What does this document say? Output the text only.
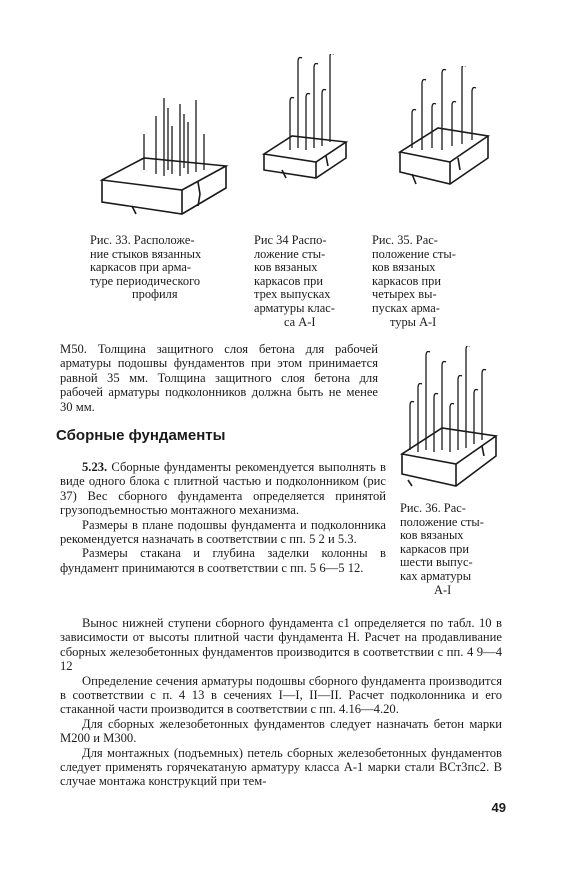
Рис. 33. Расположе-
ние стыков вязанных
каркасов при арма-
туре периодического
профиля
Рис 34 Распо-
ложение сты-
ков вязаных
каркасов при
трех выпусках
арматуры клас-
са A-I
Рис. 35. Рас-
положение сты-
ков вязаных
каркасов при
четырех вы-
пусках арма-
туры A-I
Рис. 36. Рас-
положение сты-
ков вязаных
каркасов при
шести выпус-
ках арматуры
A-I

M50. Толщина защитного слоя бетона для рабочей арматуры подошвы фундаментов при этом принимается равной 35 мм. Толщина защитного слоя бетона для рабочей арматуры подколонников должна быть не менее 30 мм.

Сборные фундаменты

5.23. Сборные фундаменты рекомендуется выполнять в виде одного блока с плитной частью и подколонником (рис 37) Вес сборного фундамента определяется принятой грузоподъемностью монтажного механизма.

Размеры в плане подошвы фундамента и подколонника рекомендуется назначать в соответствии с пп. 5 2 и 5.3.

Размеры стакана и глубина заделки колонны в фундамент принимаются в соответствии с пп. 5 6—5 12.

Вынос нижней ступени сборного фундамента c1 определяется по табл. 10 в зависимости от высоты плитной части фундамента H. Расчет на продавливание сборных железобетонных фундаментов производится в соответствии с пп. 4 9—4 12

Определение сечения арматуры подошвы сборного фундамента производится в соответствии с п. 4 13 в сечениях I—I, II—II. Расчет подколонника и его стаканной части производится в соответствии с пп. 4.16—4.20.

Для сборных железобетонных фундаментов следует назначать бетон марки М200 и М300.

Для монтажных (подъемных) петель сборных железобетонных фундаментов следует применять горячекатаную арматуру класса А-1 марки стали ВСт3пс2. В случае монтажа конструкций при тем-

49
